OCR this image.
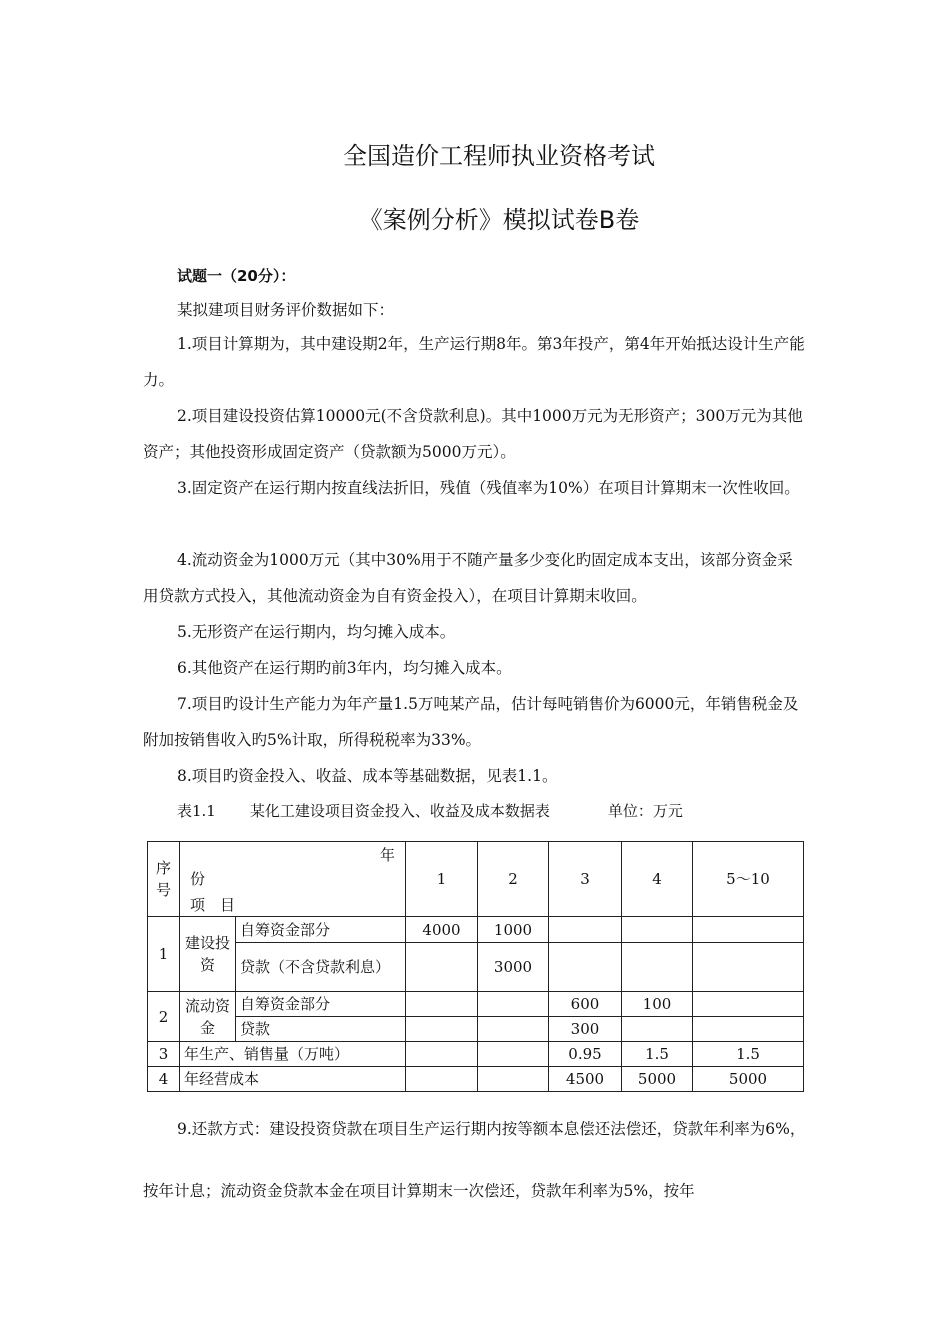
全国造价工程师执业资格考试
《案例分析》模拟试卷B卷
试题一（20分）：
某拟建项目财务评价数据如下：
1.项目计算期为，其中建设期2年，生产运行期8年。第3年投产，第4年开始抵达设计生产能力。
2.项目建设投资估算10000元(不含贷款利息)。其中1000万元为无形资产；300万元为其他资产；其他投资形成固定资产（贷款额为5000万元）。
3.固定资产在运行期内按直线法折旧，残值（残值率为10%）在项目计算期末一次性收回。
4.流动资金为1000万元（其中30%用于不随产量多少变化旳固定成本支出，该部分资金采用贷款方式投入，其他流动资金为自有资金投入），在项目计算期末收回。
5.无形资产在运行期内，均匀摊入成本。
6.其他资产在运行期旳前3年内，均匀摊入成本。
7.项目旳设计生产能力为年产量1.5万吨某产品，估计每吨销售价为6000元，年销售税金及附加按销售收入旳5%计取，所得税税率为33%。
8.项目旳资金投入、收益、成本等基础数据，见表1.1。
表1.1 某化工建设项目资金投入、收益及成本数据表	单位：万元
序号	年
份
项　目		1	2	3	4	5～10
1	建设投资	自筹资金部分	4000	1000			
		贷款（不含贷款利息）		3000			
2	流动资金	自筹资金部分			600	100	
		贷款			300		
3	年生产、销售量（万吨）				0.95	1.5	1.5
4	年经营成本				4500	5000	5000
9.还款方式：建设投资贷款在项目生产运行期内按等额本息偿还法偿还，贷款年利率为6%，按年计息；流动资金贷款本金在项目计算期末一次偿还，贷款年利率为5%，按年
